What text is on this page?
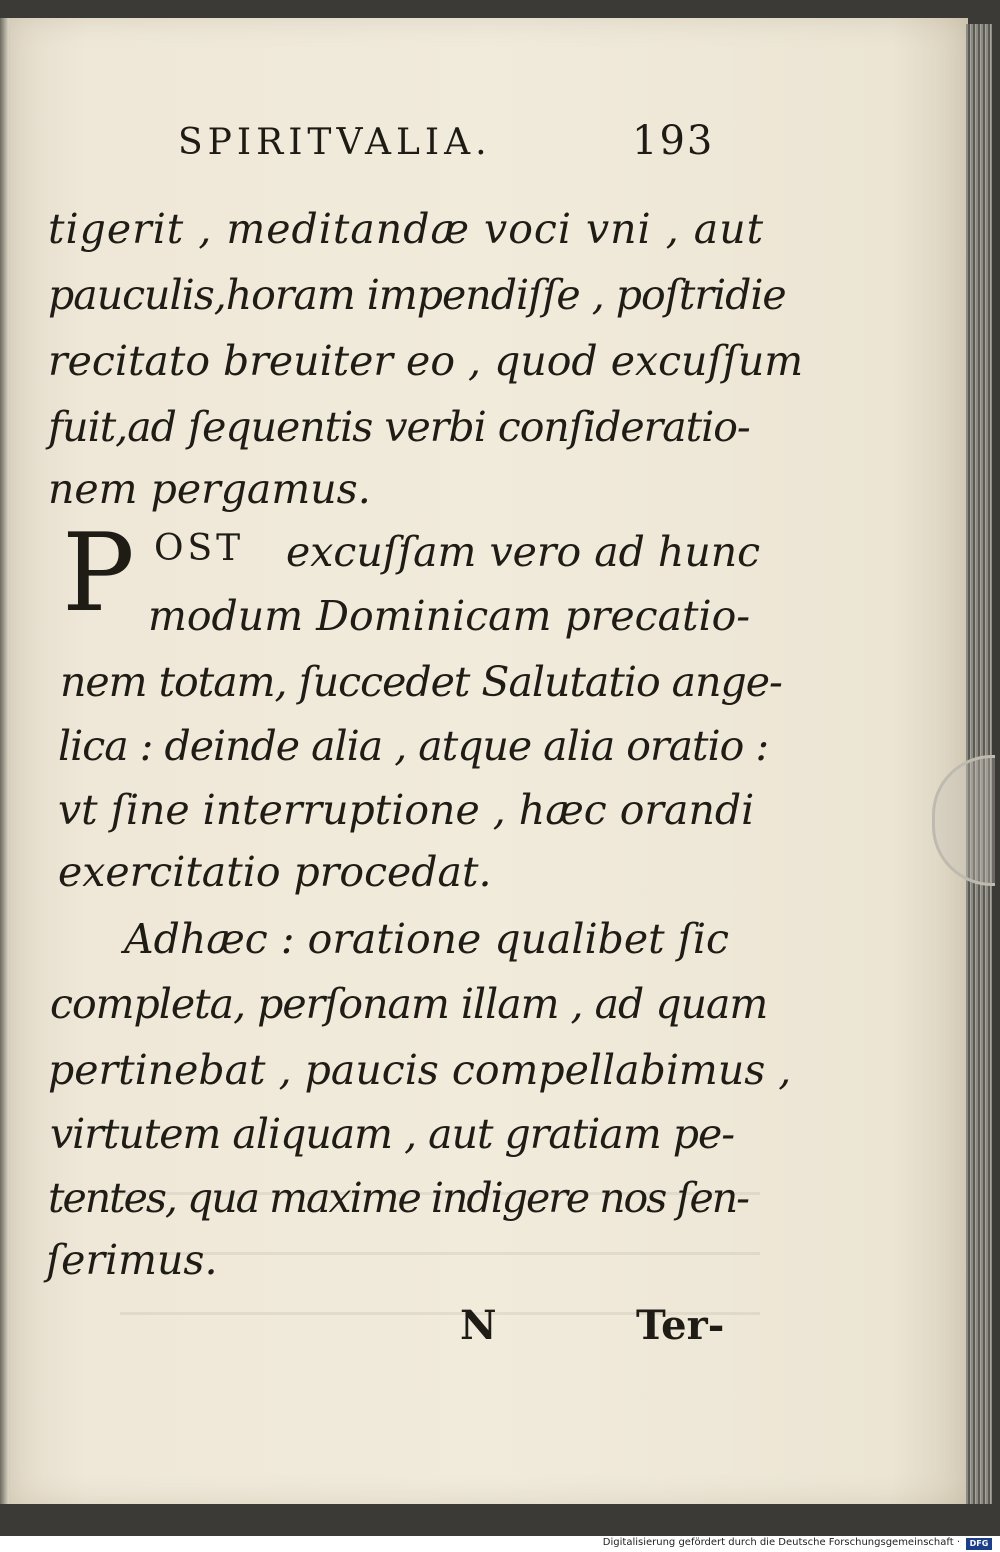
SPIRITVALIA.	193
tigerit , meditandæ voci vni , aut
pauculis,horam impendiſſe , poſtridie
recitato breuiter eo , quod excuſſum
fuit,ad ſequentis verbi conſideratio-
nem pergamus.
P OST excuſſam vero ad hunc
modum Dominicam precatio-
nem totam, ſuccedet Salutatio ange-
lica : deinde alia , atque alia oratio :
vt ſine interruptione , hæc orandi
exercitatio procedat.
Adhæc : oratione qualibet ſic
completa, perſonam illam , ad quam
pertinebat , paucis compellabimus ,
virtutem aliquam , aut gratiam pe-
tentes, qua maxime indigere nos ſen-
ſerimus.
N	Ter-
Digitalisierung gefördert durch die Deutsche Forschungsgemeinschaft ·	DFG
